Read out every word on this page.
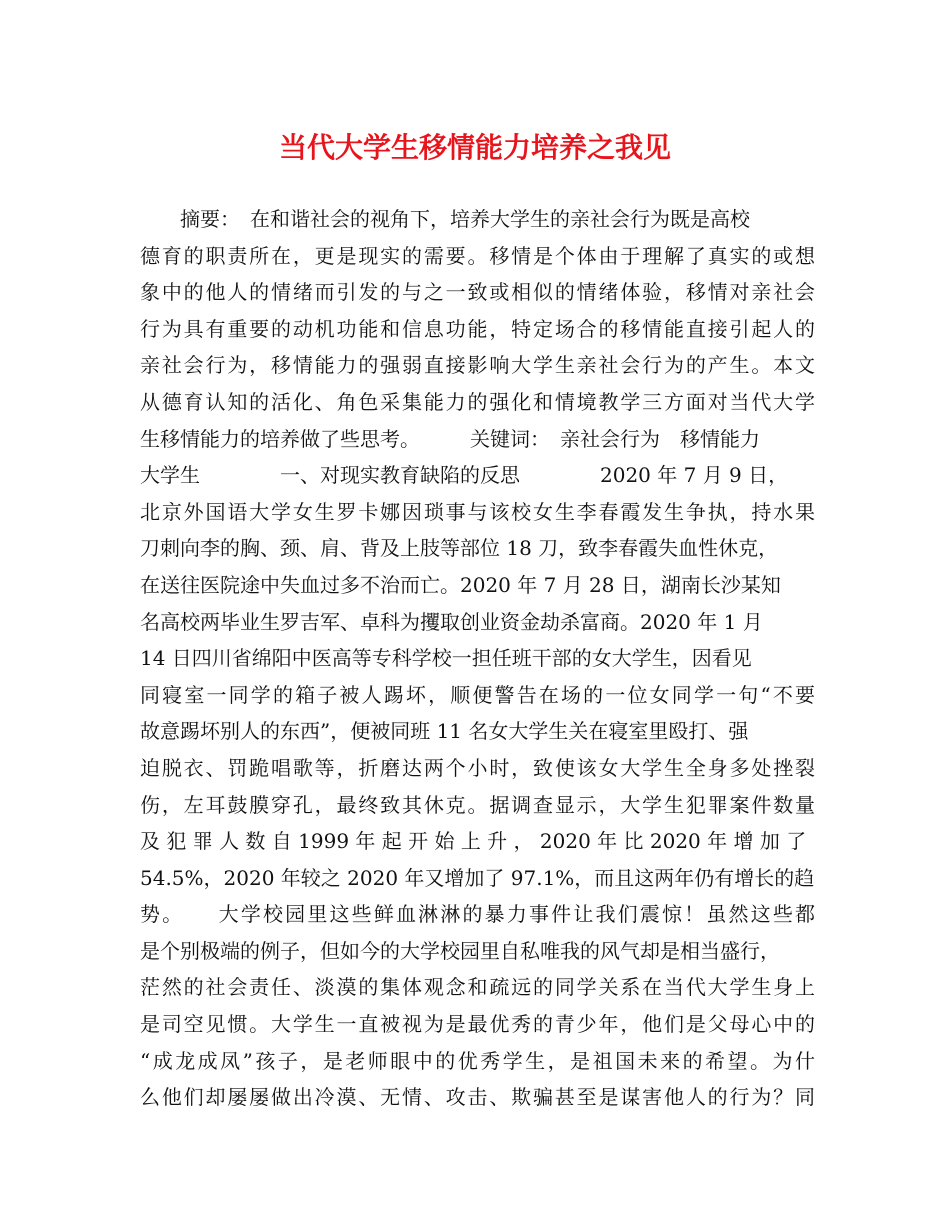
当代大学生移情能力培养之我见
　　摘要：　在和谐社会的视角下，培养大学生的亲社会行为既是高校
德育的职责所在，更是现实的需要。移情是个体由于理解了真实的或想
象中的他人的情绪而引发的与之一致或相似的情绪体验，移情对亲社会
行为具有重要的动机功能和信息功能，特定场合的移情能直接引起人的
亲社会行为，移情能力的强弱直接影响大学生亲社会行为的产生。本文
从德育认知的活化、角色采集能力的强化和情境教学三方面对当代大学
生移情能力的培养做了些思考。　　　关键词：　亲社会行为　移情能力
大学生　　　　一、对现实教育缺陷的反思　　　　2020 年 7 月 9 日，
北京外国语大学女生罗卡娜因琐事与该校女生李春霞发生争执，持水果
刀刺向李的胸、颈、肩、背及上肢等部位 18 刀，致李春霞失血性休克，
在送往医院途中失血过多不治而亡。2020 年 7 月 28 日，湖南长沙某知
名高校两毕业生罗吉军、卓科为攫取创业资金劫杀富商。2020 年 1 月
14 日四川省绵阳中医高等专科学校一担任班干部的女大学生，因看见
同寝室一同学的箱子被人踢坏，顺便警告在场的一位女同学一句“不要
故意踢坏别人的东西”，便被同班 11 名女大学生关在寝室里殴打、强
迫脱衣、罚跪唱歌等，折磨达两个小时，致使该女大学生全身多处挫裂
伤，左耳鼓膜穿孔，最终致其休克。据调查显示，大学生犯罪案件数量
及 犯 罪 人 数 自 1999 年 起 开 始 上 升 ， 2020 年 比 2020 年 增 加 了
54.5%，2020 年较之 2020 年又增加了 97.1%，而且这两年仍有增长的趋
势。　　大学校园里这些鲜血淋淋的暴力事件让我们震惊！虽然这些都
是个别极端的例子，但如今的大学校园里自私唯我的风气却是相当盛行，
茫然的社会责任、淡漠的集体观念和疏远的同学关系在当代大学生身上
是司空见惯。大学生一直被视为是最优秀的青少年，他们是父母心中的
“成龙成凤”孩子，是老师眼中的优秀学生，是祖国未来的希望。为什
么他们却屡屡做出冷漠、无情、攻击、欺骗甚至是谋害他人的行为？同
